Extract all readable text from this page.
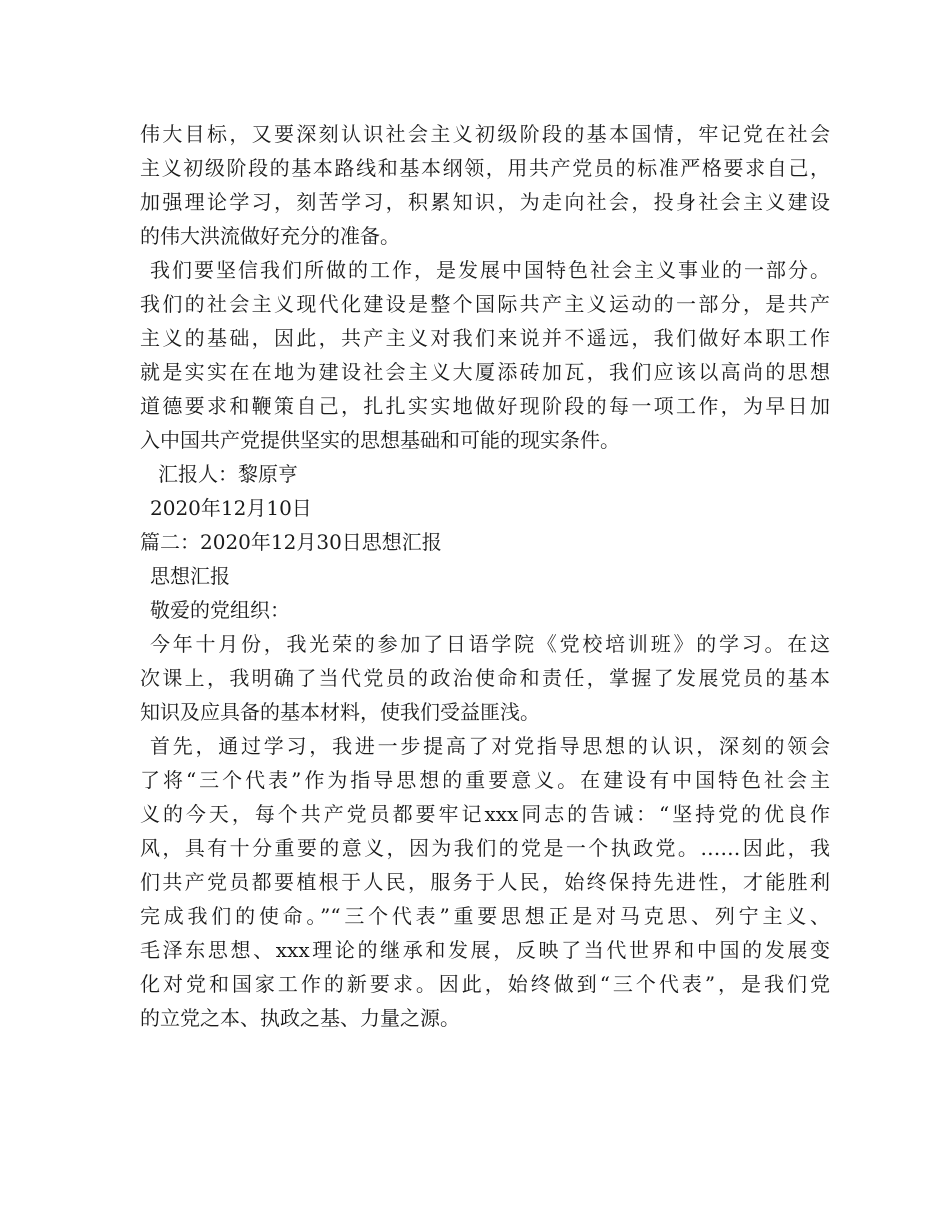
伟大目标，又要深刻认识社会主义初级阶段的基本国情，牢记党在社会
主义初级阶段的基本路线和基本纲领，用共产党员的标准严格要求自己，
加强理论学习，刻苦学习，积累知识，为走向社会，投身社会主义建设
的伟大洪流做好充分的准备。
我们要坚信我们所做的工作，是发展中国特色社会主义事业的一部分。
我们的社会主义现代化建设是整个国际共产主义运动的一部分，是共产
主义的基础，因此，共产主义对我们来说并不遥远，我们做好本职工作
就是实实在在地为建设社会主义大厦添砖加瓦，我们应该以高尚的思想
道德要求和鞭策自己，扎扎实实地做好现阶段的每一项工作，为早日加
入中国共产党提供坚实的思想基础和可能的现实条件。
汇报人：黎原亨
2020年12月10日
篇二：2020年12月30日思想汇报
思想汇报
敬爱的党组织：
今年十月份，我光荣的参加了日语学院《党校培训班》的学习。在这
次课上，我明确了当代党员的政治使命和责任，掌握了发展党员的基本
知识及应具备的基本材料，使我们受益匪浅。
首先，通过学习，我进一步提高了对党指导思想的认识，深刻的领会
了将“三个代表”作为指导思想的重要意义。在建设有中国特色社会主
义的今天，每个共产党员都要牢记xxx同志的告诫：“坚持党的优良作
风，具有十分重要的意义，因为我们的党是一个执政党。……因此，我
们共产党员都要植根于人民，服务于人民，始终保持先进性，才能胜利
完成我们的使命。”“三个代表”重要思想正是对马克思、列宁主义、
毛泽东思想、xxx理论的继承和发展，反映了当代世界和中国的发展变
化对党和国家工作的新要求。因此，始终做到“三个代表”，是我们党
的立党之本、执政之基、力量之源。
